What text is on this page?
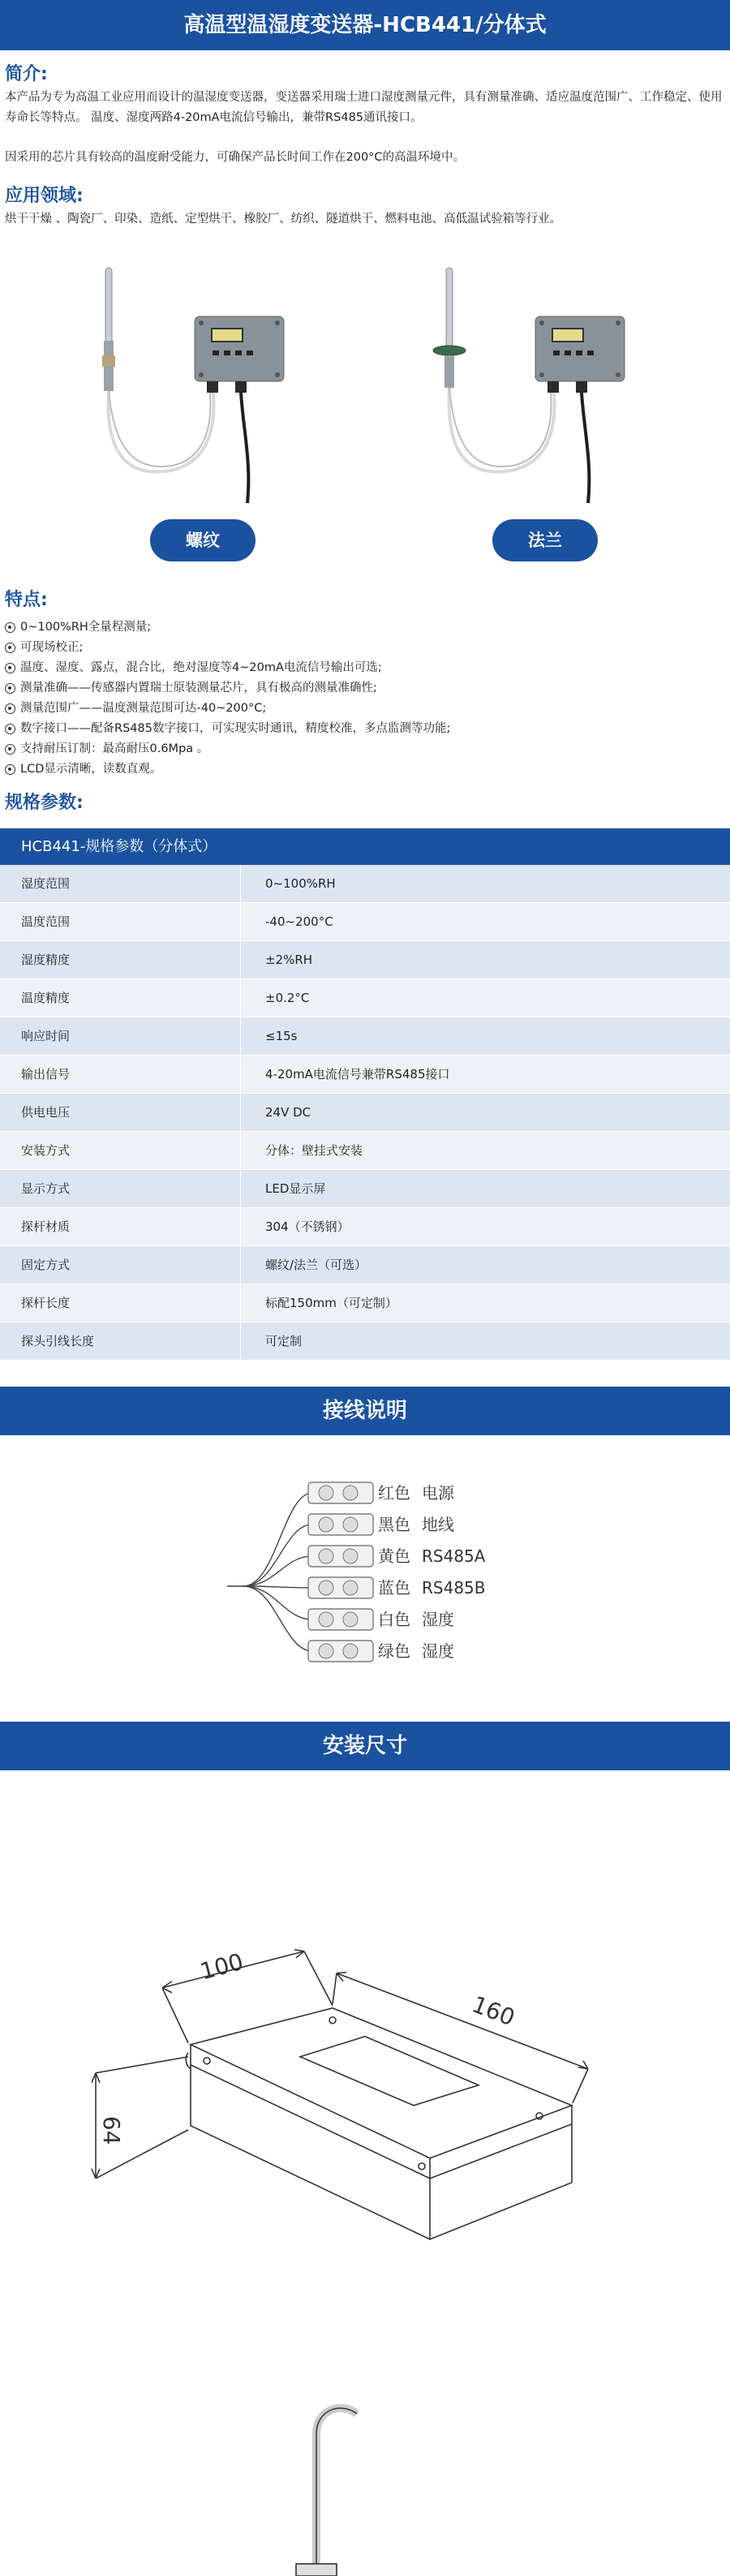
高温型温湿度变送器-HCB441/分体式
简介:
本产品为专为高温工业应用而设计的温湿度变送器，变送器采用瑞士进口湿度测量元件，具有测量准确、适应温度范围广、工作稳定、使用寿命长等特点。 温度、湿度两路4-20mA电流信号输出，兼带RS485通讯接口。
因采用的芯片具有较高的温度耐受能力，可确保产品长时间工作在200°C的高温环境中。
应用领域:
烘干干燥 、陶瓷厂、印染、造纸、定型烘干、橡胶厂、纺织、隧道烘干、燃料电池、高低温试验箱等行业。
螺纹	法兰
特点:
0~100%RH全量程测量;
可现场校正;
温度、湿度、露点，混合比，绝对湿度等4~20mA电流信号输出可选;
测量准确——传感器内置瑞士原装测量芯片，具有极高的测量准确性;
测量范围广——温度测量范围可达-40~200°C;
数字接口——配备RS485数字接口，可实现实时通讯，精度校准，多点监测等功能;
支持耐压订制：最高耐压0.6Mpa 。
LCD显示清晰，读数直观。
规格参数:
HCB441-规格参数（分体式）
湿度范围	0~100%RH
温度范围	-40~200°C
湿度精度	±2%RH
温度精度	±0.2°C
响应时间	≤15s
输出信号	4-20mA电流信号兼带RS485接口
供电电压	24V DC
安装方式	分体：壁挂式安装
显示方式	LED显示屏
探杆材质	304（不锈钢）
固定方式	螺纹/法兰（可选）
探杆长度	标配150mm（可定制）
探头引线长度	可定制
接线说明
红色 电源
黑色 地线
黄色 RS485A
蓝色 RS485B
白色 湿度
绿色 湿度
安装尺寸
100
160
64
